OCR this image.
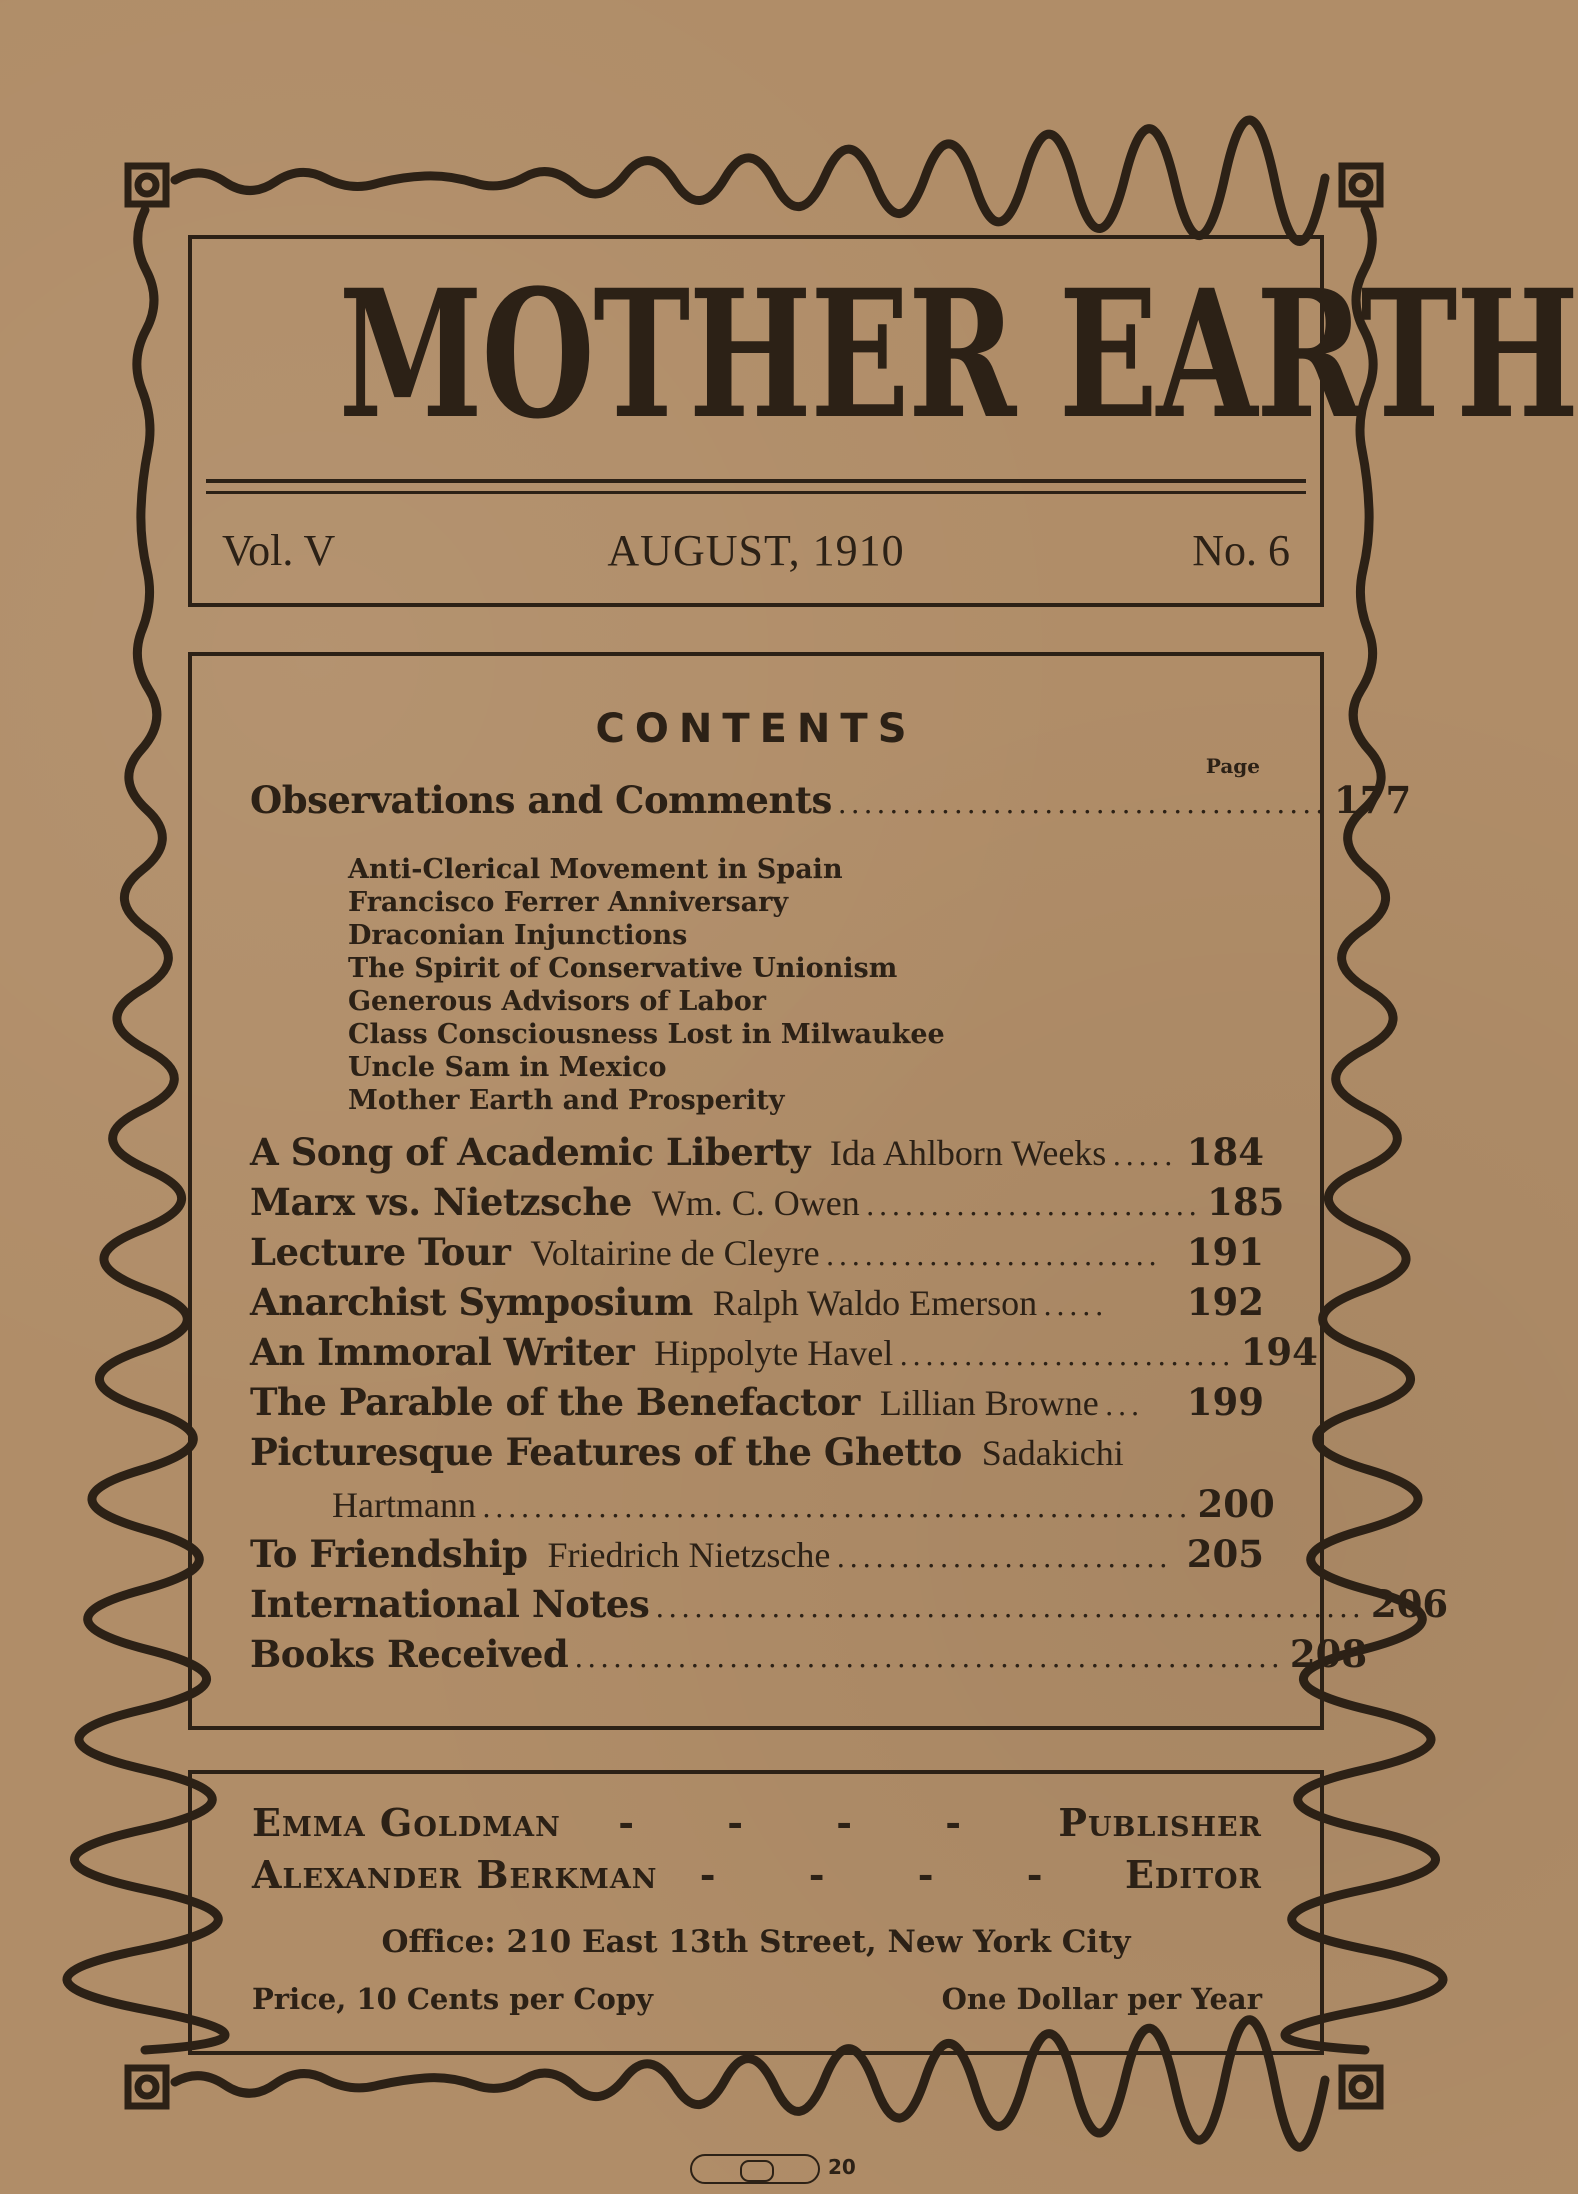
MOTHER EARTH
AUGUST, 1910
Vol. V	No. 6
CONTENTS
Page
Observations and Comments ...................................... 177
Anti-Clerical Movement in Spain
Francisco Ferrer Anniversary
Draconian Injunctions
The Spirit of Conservative Unionism
Generous Advisors of Labor
Class Consciousness Lost in Milwaukee
Uncle Sam in Mexico
Mother Earth and Prosperity
A Song of Academic Liberty Ida Ahlborn Weeks ..... 184
Marx vs. Nietzsche Wm. C. Owen .......................... 185
Lecture Tour Voltairine de Cleyre .......................... 191
Anarchist Symposium Ralph Waldo Emerson .....	192
An Immoral Writer Hippolyte Havel .......................... 194
The Parable of the Benefactor Lillian Browne ...	199
Picturesque Features of the Ghetto Sadakichi
Hartmann ....................................................... 200
To Friendship Friedrich Nietzsche .......................... 205
International Notes ....................................................... 206
Books Received ....................................................... 208
Emma Goldman	- - - -	Publisher
Alexander Berkman	- - - -	Editor
Office: 210 East 13th Street, New York City
Price, 10 Cents per Copy	One Dollar per Year
20
